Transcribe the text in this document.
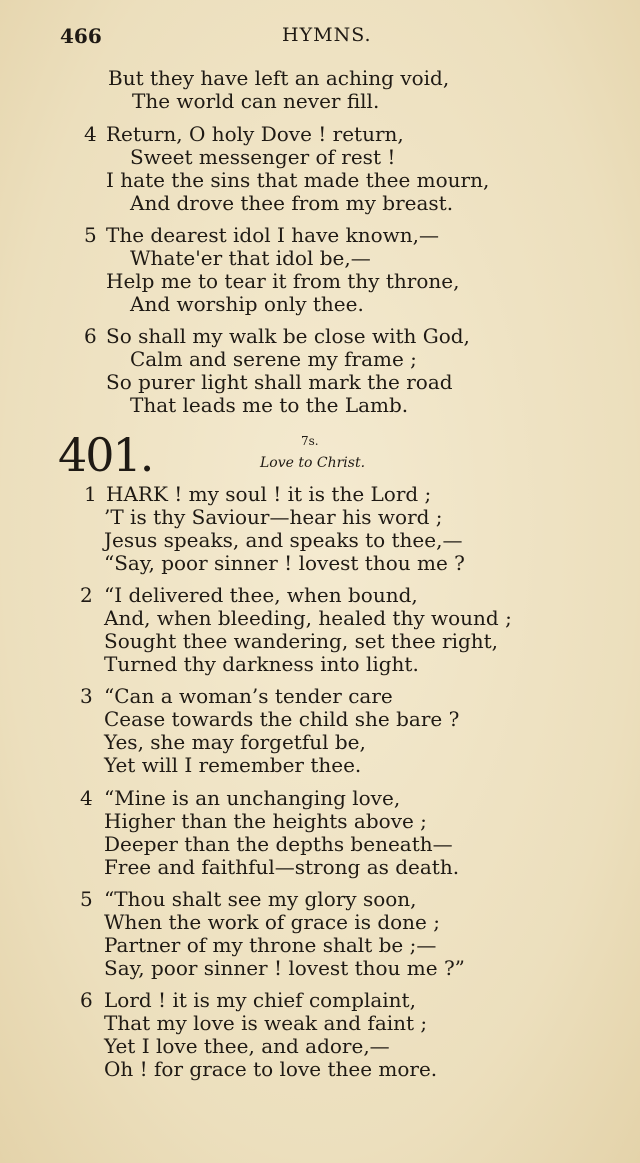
466	HYMNS.
But they have left an aching void,
The world can never fill.
4 Return, O holy Dove ! return,
Sweet messenger of rest !
I hate the sins that made thee mourn,
And drove thee from my breast.
5 The dearest idol I have known,—
Whate'er that idol be,—
Help me to tear it from thy throne,
And worship only thee.
6 So shall my walk be close with God,
Calm and serene my frame ;
So purer light shall mark the road
That leads me to the Lamb.
401.	7s.
Love to Christ.
1 HARK ! my soul ! it is the Lord ;
’T is thy Saviour—hear his word ;
Jesus speaks, and speaks to thee,—
“Say, poor sinner ! lovest thou me ?
2 “I delivered thee, when bound,
And, when bleeding, healed thy wound ;
Sought thee wandering, set thee right,
Turned thy darkness into light.
3 “Can a woman’s tender care
Cease towards the child she bare ?
Yes, she may forgetful be,
Yet will I remember thee.
4 “Mine is an unchanging love,
Higher than the heights above ;
Deeper than the depths beneath—
Free and faithful—strong as death.
5 “Thou shalt see my glory soon,
When the work of grace is done ;
Partner of my throne shalt be ;—
Say, poor sinner ! lovest thou me ?”
6 Lord ! it is my chief complaint,
That my love is weak and faint ;
Yet I love thee, and adore,—
Oh ! for grace to love thee more.
